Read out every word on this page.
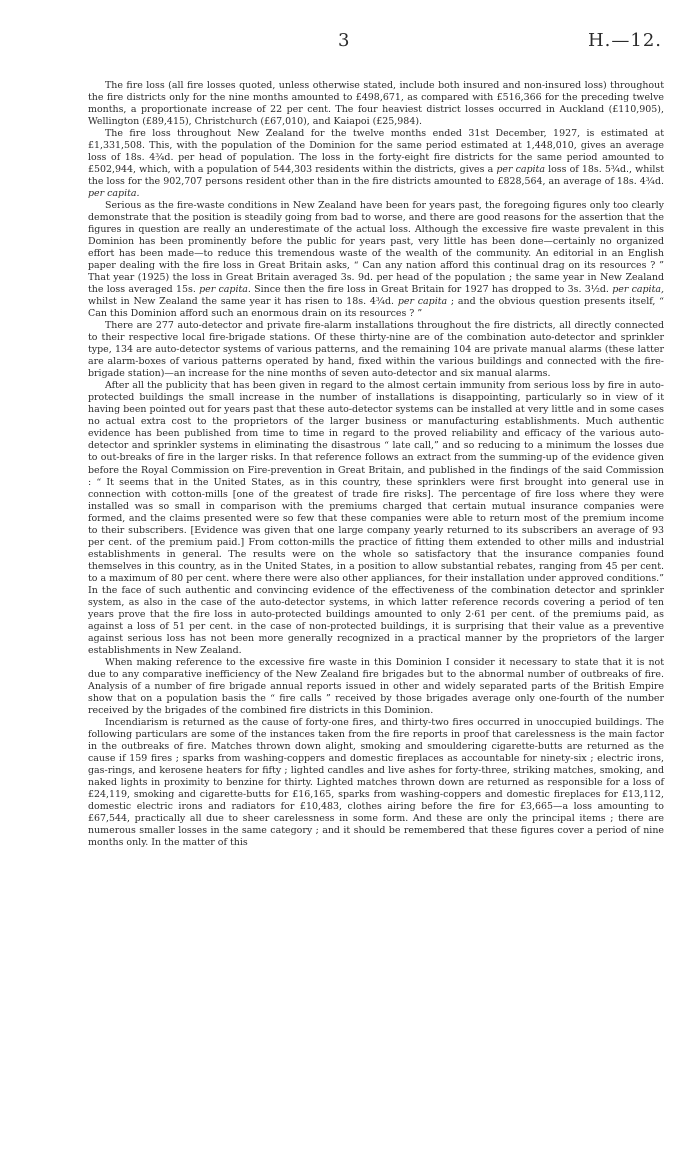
3	H.—12.

The fire loss (all fire losses quoted, unless otherwise stated, include both insured and non-insured loss) throughout the fire districts only for the nine months amounted to £498,671, as compared with £516,366 for the preceding twelve months, a proportionate increase of 22 per cent. The four heaviest district losses occurred in Auckland (£110,905), Wellington (£89,415), Christchurch (£67,010), and Kaiapoi (£25,984).

The fire loss throughout New Zealand for the twelve months ended 31st December, 1927, is estimated at £1,331,508. This, with the population of the Dominion for the same period estimated at 1,448,010, gives an average loss of 18s. 4¾d. per head of population. The loss in the forty-eight fire districts for the same period amounted to £502,944, which, with a population of 544,303 residents within the districts, gives a per capita loss of 18s. 5¾d., whilst the loss for the 902,707 persons resident other than in the fire districts amounted to £828,564, an average of 18s. 4¾d. per capita.

Serious as the fire-waste conditions in New Zealand have been for years past, the foregoing figures only too clearly demonstrate that the position is steadily going from bad to worse, and there are good reasons for the assertion that the figures in question are really an underestimate of the actual loss. Although the excessive fire waste prevalent in this Dominion has been prominently before the public for years past, very little has been done—certainly no organized effort has been made—to reduce this tremendous waste of the wealth of the community. An editorial in an English paper dealing with the fire loss in Great Britain asks, “ Can any nation afford this continual drag on its resources ? ” That year (1925) the loss in Great Britain averaged 3s. 9d. per head of the population ; the same year in New Zealand the loss averaged 15s. per capita. Since then the fire loss in Great Britain for 1927 has dropped to 3s. 3½d. per capita, whilst in New Zealand the same year it has risen to 18s. 4¾d. per capita ; and the obvious question presents itself, “ Can this Dominion afford such an enormous drain on its resources ? ”

There are 277 auto-detector and private fire-alarm installations throughout the fire districts, all directly connected to their respective local fire-brigade stations. Of these thirty-nine are of the combination auto-detector and sprinkler type, 134 are auto-detector systems of various patterns, and the remaining 104 are private manual alarms (these latter are alarm-boxes of various patterns operated by hand, fixed within the various buildings and connected with the fire-brigade station)—an increase for the nine months of seven auto-detector and six manual alarms.

After all the publicity that has been given in regard to the almost certain immunity from serious loss by fire in auto-protected buildings the small increase in the number of installations is disappointing, particularly so in view of it having been pointed out for years past that these auto-detector systems can be installed at very little and in some cases no actual extra cost to the proprietors of the larger business or manufacturing establishments. Much authentic evidence has been published from time to time in regard to the proved reliability and efficacy of the various auto-detector and sprinkler systems in eliminating the disastrous “ late call,” and so reducing to a minimum the losses due to out-breaks of fire in the larger risks. In that reference follows an extract from the summing-up of the evidence given before the Royal Commission on Fire-prevention in Great Britain, and published in the findings of the said Commission : “ It seems that in the United States, as in this country, these sprinklers were first brought into general use in connection with cotton-mills [one of the greatest of trade fire risks]. The percentage of fire loss where they were installed was so small in comparison with the premiums charged that certain mutual insurance companies were formed, and the claims presented were so few that these companies were able to return most of the premium income to their subscribers. [Evidence was given that one large company yearly returned to its subscribers an average of 93 per cent. of the premium paid.] From cotton-mills the practice of fitting them extended to other mills and industrial establishments in general. The results were on the whole so satisfactory that the insurance companies found themselves in this country, as in the United States, in a position to allow substantial rebates, ranging from 45 per cent. to a maximum of 80 per cent. where there were also other appliances, for their installation under approved conditions.” In the face of such authentic and convincing evidence of the effectiveness of the combination detector and sprinkler system, as also in the case of the auto-detector systems, in which latter reference records covering a period of ten years prove that the fire loss in auto-protected buildings amounted to only 2·61 per cent. of the premiums paid, as against a loss of 51 per cent. in the case of non-protected buildings, it is surprising that their value as a preventive against serious loss has not been more generally recognized in a practical manner by the proprietors of the larger establishments in New Zealand.

When making reference to the excessive fire waste in this Dominion I consider it necessary to state that it is not due to any comparative inefficiency of the New Zealand fire brigades but to the abnormal number of outbreaks of fire. Analysis of a number of fire brigade annual reports issued in other and widely separated parts of the British Empire show that on a population basis the “ fire calls ” received by those brigades average only one-fourth of the number received by the brigades of the combined fire districts in this Dominion.

Incendiarism is returned as the cause of forty-one fires, and thirty-two fires occurred in unoccupied buildings. The following particulars are some of the instances taken from the fire reports in proof that carelessness is the main factor in the outbreaks of fire. Matches thrown down alight, smoking and smouldering cigarette-butts are returned as the cause if 159 fires ; sparks from washing-coppers and domestic fireplaces as accountable for ninety-six ; electric irons, gas-rings, and kerosene heaters for fifty ; lighted candles and live ashes for forty-three, striking matches, smoking, and naked lights in proximity to benzine for thirty. Lighted matches thrown down are returned as responsible for a loss of £24,119, smoking and cigarette-butts for £16,165, sparks from washing-coppers and domestic fireplaces for £13,112, domestic electric irons and radiators for £10,483, clothes airing before the fire for £3,665—a loss amounting to £67,544, practically all due to sheer carelessness in some form. And these are only the principal items ; there are numerous smaller losses in the same category ; and it should be remembered that these figures cover a period of nine months only. In the matter of this
